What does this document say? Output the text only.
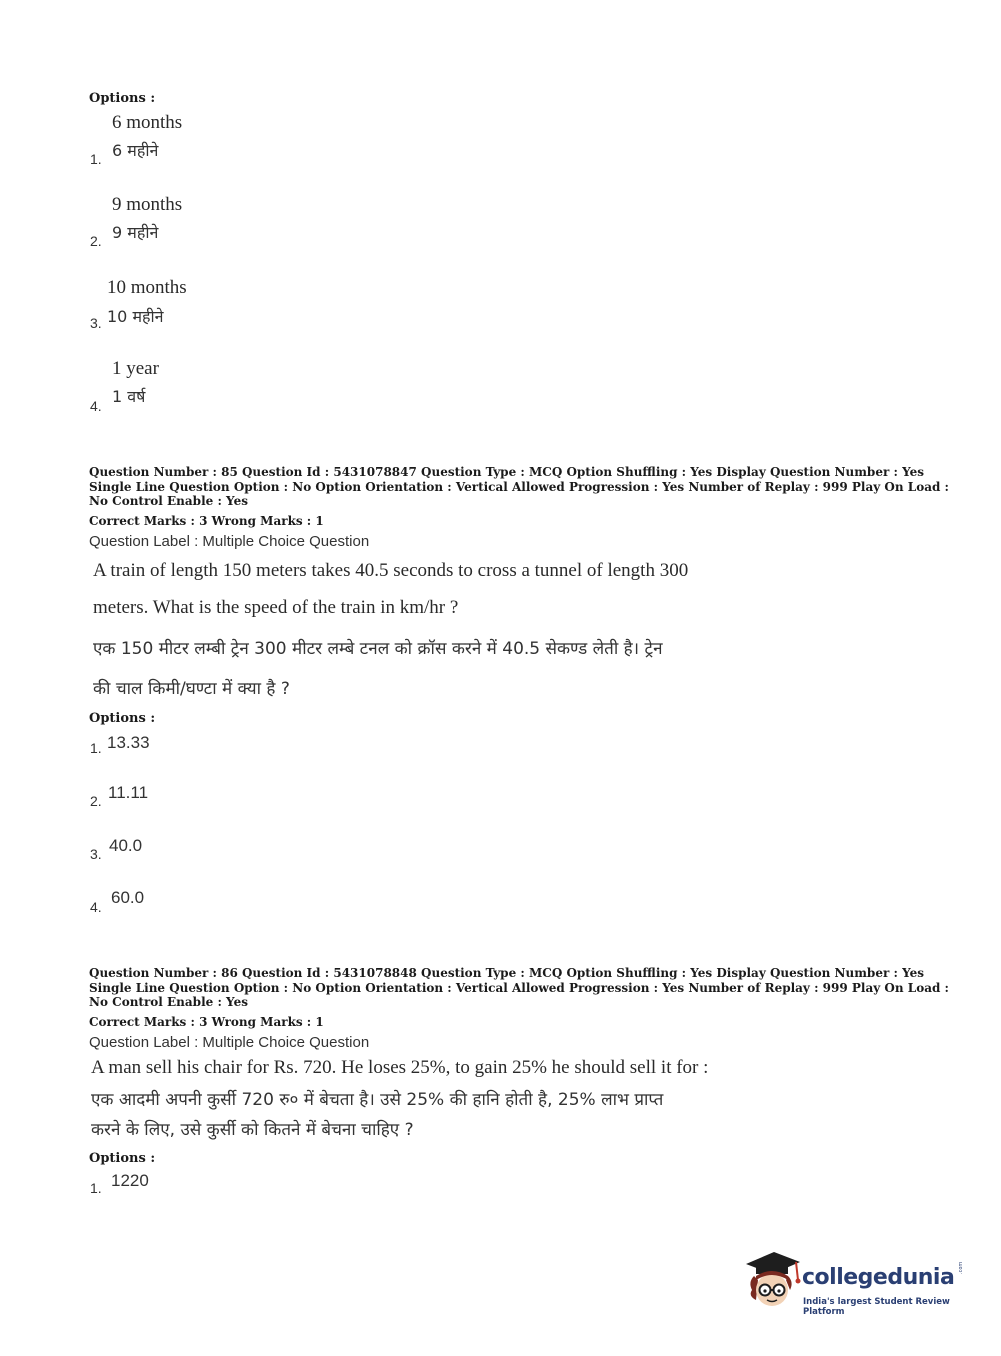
Options :
6 months
6 महीने
1.
9 months
9 महीने
2.
10 months
10 महीने
3.
1 year
1 वर्ष
4.
Question Number : 85 Question Id : 5431078847 Question Type : MCQ Option Shuffling : Yes Display Question Number : Yes
Single Line Question Option : No Option Orientation : Vertical Allowed Progression : Yes Number of Replay : 999 Play On Load :
No Control Enable : Yes
Correct Marks : 3 Wrong Marks : 1
Question Label : Multiple Choice Question
A train of length 150 meters takes 40.5 seconds to cross a tunnel of length 300
meters. What is the speed of the train in km/hr ?
एक 150 मीटर लम्बी ट्रेन 300 मीटर लम्बे टनल को क्रॉस करने में 40.5 सेकण्ड लेती है। ट्रेन
की चाल किमी/घण्टा में क्या है ?
Options :
1. 13.33
2. 11.11
3. 40.0
4. 60.0
Question Number : 86 Question Id : 5431078848 Question Type : MCQ Option Shuffling : Yes Display Question Number : Yes
Single Line Question Option : No Option Orientation : Vertical Allowed Progression : Yes Number of Replay : 999 Play On Load :
No Control Enable : Yes
Correct Marks : 3 Wrong Marks : 1
Question Label : Multiple Choice Question
A man sell his chair for Rs. 720. He loses 25%, to gain 25% he should sell it for :
एक आदमी अपनी कुर्सी 720 रु० में बेचता है। उसे 25% की हानि होती है, 25% लाभ प्राप्त
करने के लिए, उसे कुर्सी को कितने में बेचना चाहिए ?
Options :
1. 1220
collegedunia .com
India's largest Student Review Platform
